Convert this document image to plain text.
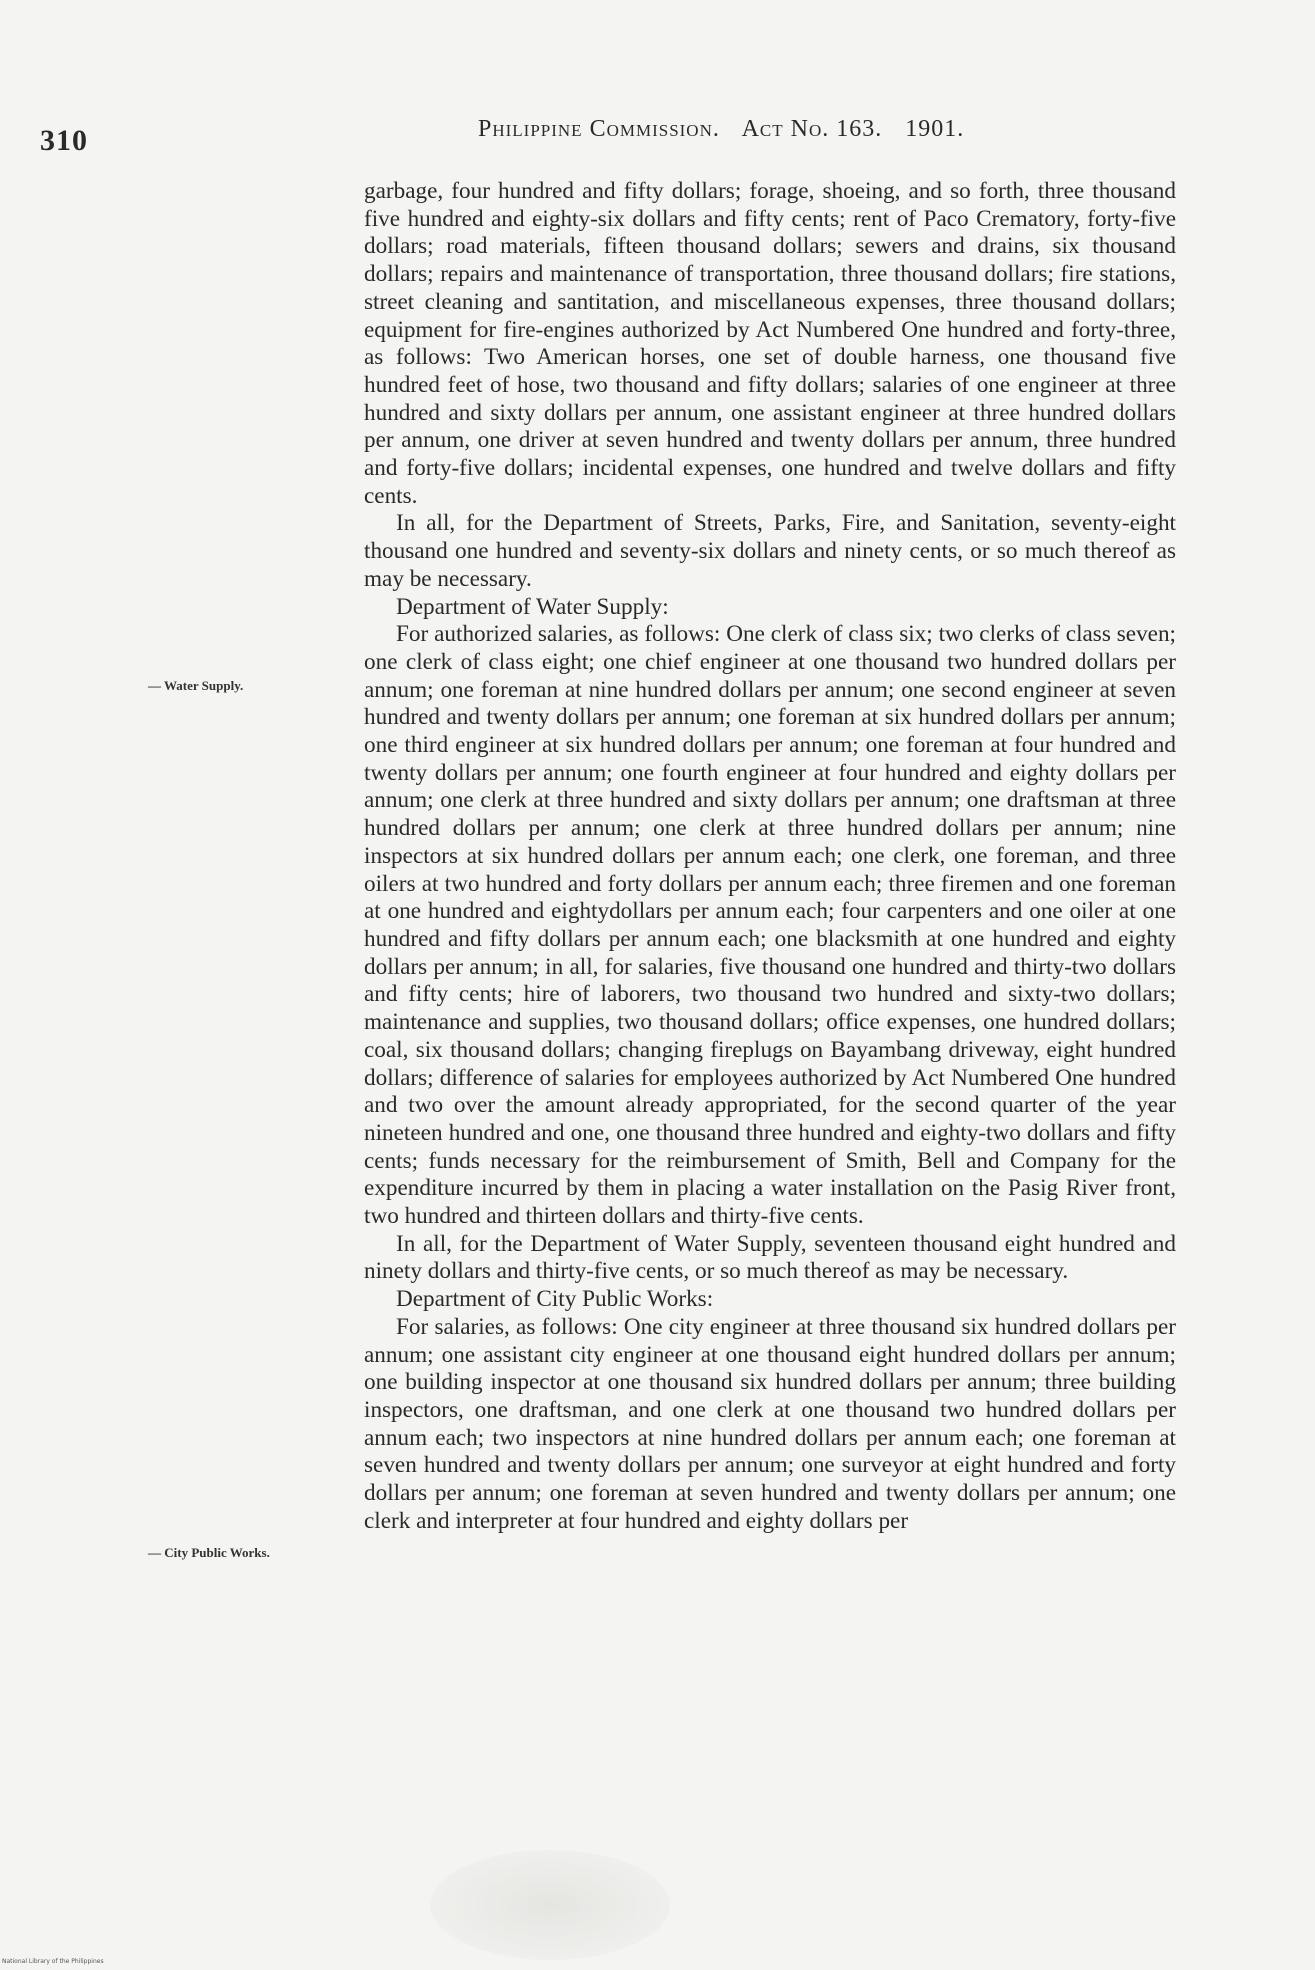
310	Philippine Commission. Act No. 163. 1901.
— Water Supply.
— City Public Works.

garbage, four hundred and fifty dollars; forage, shoeing, and so forth, three thousand five hundred and eighty-six dollars and fifty cents; rent of Paco Crematory, forty-five dollars; road materials, fifteen thousand dollars; sewers and drains, six thousand dollars; repairs and maintenance of transportation, three thousand dollars; fire stations, street cleaning and santitation, and miscellaneous expenses, three thousand dollars; equipment for fire-engines authorized by Act Numbered One hundred and forty-three, as follows: Two American horses, one set of double harness, one thousand five hundred feet of hose, two thousand and fifty dollars; salaries of one engineer at three hundred and sixty dollars per annum, one assistant engineer at three hundred dollars per annum, one driver at seven hundred and twenty dollars per annum, three hundred and forty-five dollars; incidental expenses, one hundred and twelve dollars and fifty cents.

In all, for the Department of Streets, Parks, Fire, and Sanitation, seventy-eight thousand one hundred and seventy-six dollars and ninety cents, or so much thereof as may be necessary.

Department of Water Supply:

For authorized salaries, as follows: One clerk of class six; two clerks of class seven; one clerk of class eight; one chief engineer at one thousand two hundred dollars per annum; one foreman at nine hundred dollars per annum; one second engineer at seven hundred and twenty dollars per annum; one foreman at six hundred dollars per annum; one third engineer at six hundred dollars per annum; one foreman at four hundred and twenty dollars per annum; one fourth engineer at four hundred and eighty dollars per annum; one clerk at three hundred and sixty dollars per annum; one draftsman at three hundred dollars per annum; one clerk at three hundred dollars per annum; nine inspectors at six hundred dollars per annum each; one clerk, one foreman, and three oilers at two hundred and forty dollars per annum each; three firemen and one foreman at one hundred and eightydollars per annum each; four carpenters and one oiler at one hundred and fifty dollars per annum each; one blacksmith at one hundred and eighty dollars per annum; in all, for salaries, five thousand one hundred and thirty-two dollars and fifty cents; hire of laborers, two thousand two hundred and sixty-two dollars; maintenance and supplies, two thousand dollars; office expenses, one hundred dollars; coal, six thousand dollars; changing fireplugs on Bayambang driveway, eight hundred dollars; difference of salaries for employees authorized by Act Numbered One hundred and two over the amount already appropriated, for the second quarter of the year nineteen hundred and one, one thousand three hundred and eighty-two dollars and fifty cents; funds necessary for the reimbursement of Smith, Bell and Company for the expenditure incurred by them in placing a water installation on the Pasig River front, two hundred and thirteen dollars and thirty-five cents.

In all, for the Department of Water Supply, seventeen thousand eight hundred and ninety dollars and thirty-five cents, or so much thereof as may be necessary.

Department of City Public Works:

For salaries, as follows: One city engineer at three thousand six hundred dollars per annum; one assistant city engineer at one thousand eight hundred dollars per annum; one building inspector at one thousand six hundred dollars per annum; three building inspectors, one draftsman, and one clerk at one thousand two hundred dollars per annum each; two inspectors at nine hundred dollars per annum each; one foreman at seven hundred and twenty dollars per annum; one surveyor at eight hundred and forty dollars per annum; one foreman at seven hundred and twenty dollars per annum; one clerk and interpreter at four hundred and eighty dollars per

National Library of the Philippines
